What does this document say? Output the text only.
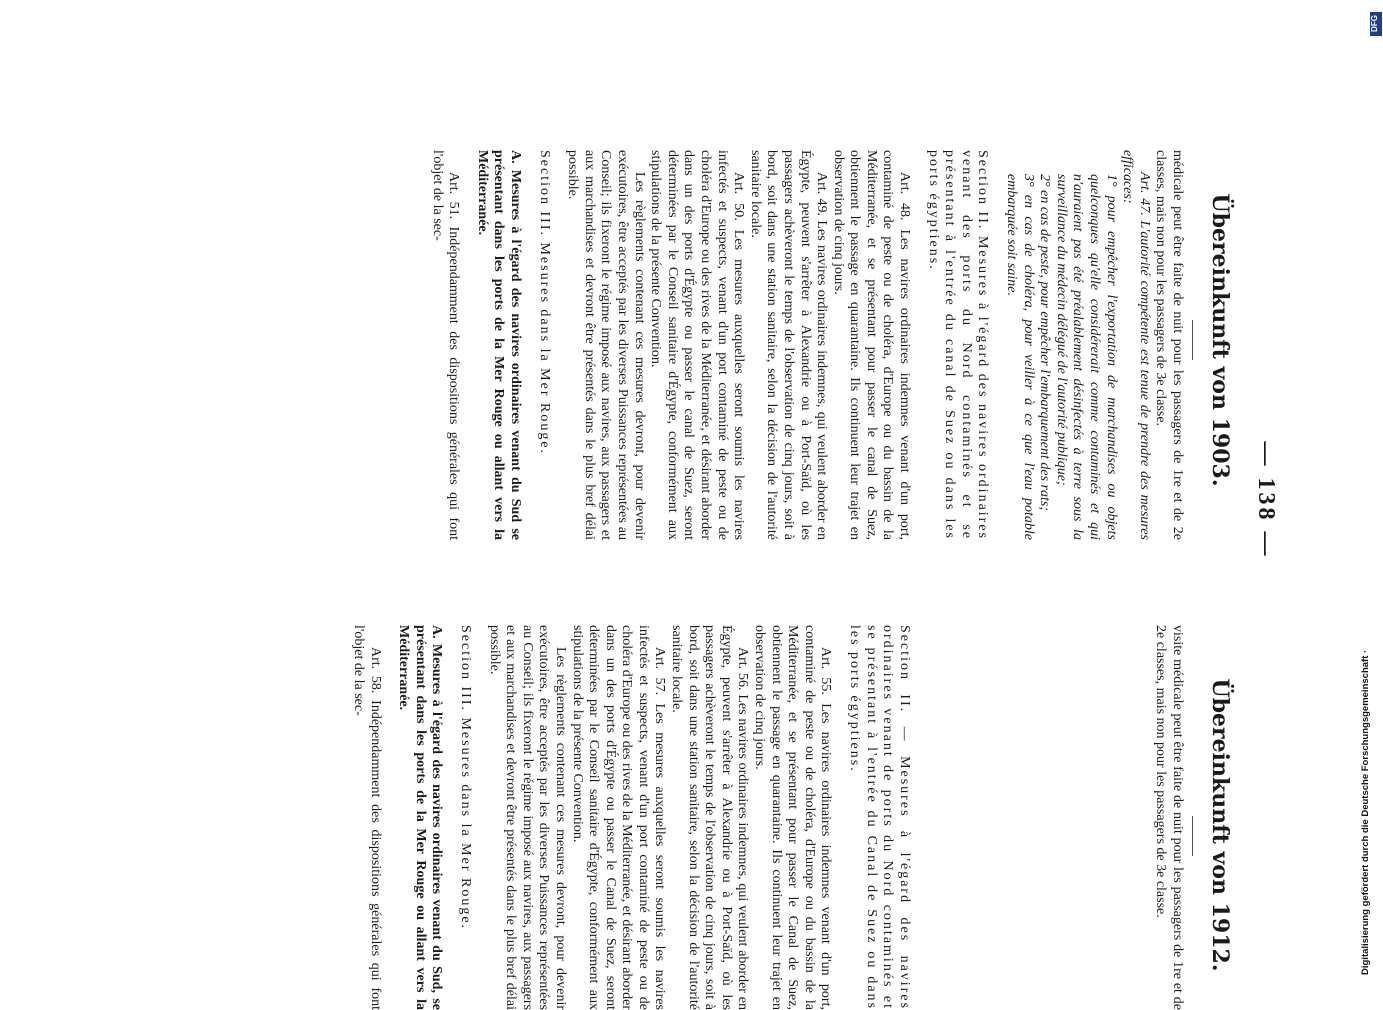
— 138 —
Übereinkunft von 1903.
Übereinkunft von 1912.

médicale peut être faite de nuit pour les passagers de 1re et de 2e classes, mais non pour les passagers de 3e classe.

Art. 47. L'autorité compétente est tenue de prendre des mesures efficaces:

1° pour empêcher l'exportation de marchandises ou objets quelconques qu'elle considérerait comme contaminés et qui n'auraient pas été préalablement désinfectés à terre sous la surveillance du médecin délégué de l'autorité publique;

2° en cas de peste, pour empêcher l'embarquement des rats;

3° en cas de choléra, pour veiller à ce que l'eau potable embarquée soit saine.

Section II. Mesures à l'égard des navires ordinaires venant des ports du Nord contaminés et se présentant à l'entrée du canal de Suez ou dans les ports égyptiens.

Art. 48. Les navires ordinaires indemnes venant d'un port, contaminé de peste ou de choléra, d'Europe ou du bassin de la Méditerranée, et se présentant pour passer le canal de Suez, obtiennent le passage en quarantaine. Ils continuent leur trajet en observation de cinq jours.

Art. 49. Les navires ordinaires indemnes, qui veulent aborder en Égypte, peuvent s'arrêter à Alexandrie ou à Port-Saïd, où les passagers achèveront le temps de l'observation de cinq jours, soit à bord, soit dans une station sanitaire, selon la décision de l'autorité sanitaire locale.

Art. 50. Les mesures auxquelles seront soumis les navires infectés et suspects, venant d'un port contaminé de peste ou de choléra d'Europe ou des rives de la Méditerranée, et désirant aborder dans un des ports d'Égypte ou passer le canal de Suez, seront déterminées par le Conseil sanitaire d'Égypte, conformément aux stipulations de la présente Convention.

Les règlements contenant ces mesures devront, pour devenir exécutoires, être acceptés par les diverses Puissances représentées au Conseil; ils fixeront le régime imposé aux navires, aux passagers et aux marchandises et devront être présentés dans le plus bref délai possible.

Section III. Mesures dans la Mer Rouge.

A. Mesures à l'égard des navires ordinaires venant du Sud se présentant dans les ports de la Mer Rouge ou allant vers la Méditerranée.

Art. 51. Indépendamment des dispositions générales qui font l'objet de la sec-

visite médicale peut être faite de nuit pour les passagers de 1re et de 2e classes, mais non pour les passagers de 3e classe.

Section II. — Mesures à l'égard des navires ordinaires venant de ports du Nord contaminés et se présentant à l'entrée du Canal de Suez ou dans les ports égyptiens.

Art. 55. Les navires ordinaires indemnes venant d'un port, contaminé de peste ou de choléra, d'Europe ou du bassin de la Méditerranée, et se présentant pour passer le Canal de Suez, obtiennent le passage en quarantaine. Ils continuent leur trajet en observation de cinq jours.

Art. 56. Les navires ordinaires indemnes, qui veulent aborder en Égypte, peuvent s'arrêter à Alexandrie ou à Port-Saïd, où les passagers achèveront le temps de l'observation de cinq jours, soit à bord, soit dans une station sanitaire, selon la décision de l'autorité sanitaire locale.

Art. 57. Les mesures auxquelles seront soumis les navires infectés et suspects, venant d'un port contaminé de peste ou de choléra d'Europe ou des rives de la Méditerranée, et désirant aborder dans un des ports d'Égypte ou passer le Canal de Suez, seront déterminées par le Conseil sanitaire d'Égypte, conformément aux stipulations de la présente Convention.

Les règlements contenant ces mesures devront, pour devenir exécutoires, être acceptés par les diverses Puissances représentées au Conseil; ils fixeront le régime imposé aux navires, aux passagers et aux marchandises et devront être présentés dans le plus bref délai possible.

Section III. Mesures dans la Mer Rouge.

A. Mesures à l'égard des navires ordinaires venant du Sud, se présentant dans les ports de la Mer Rouge ou allant vers la Méditerranée.

Art. 58. Indépendamment des dispositions générales qui font l'objet de la sec-

DFG
Digitalisierung gefördert durch die Deutsche Forschungsgemeinschaft ·
